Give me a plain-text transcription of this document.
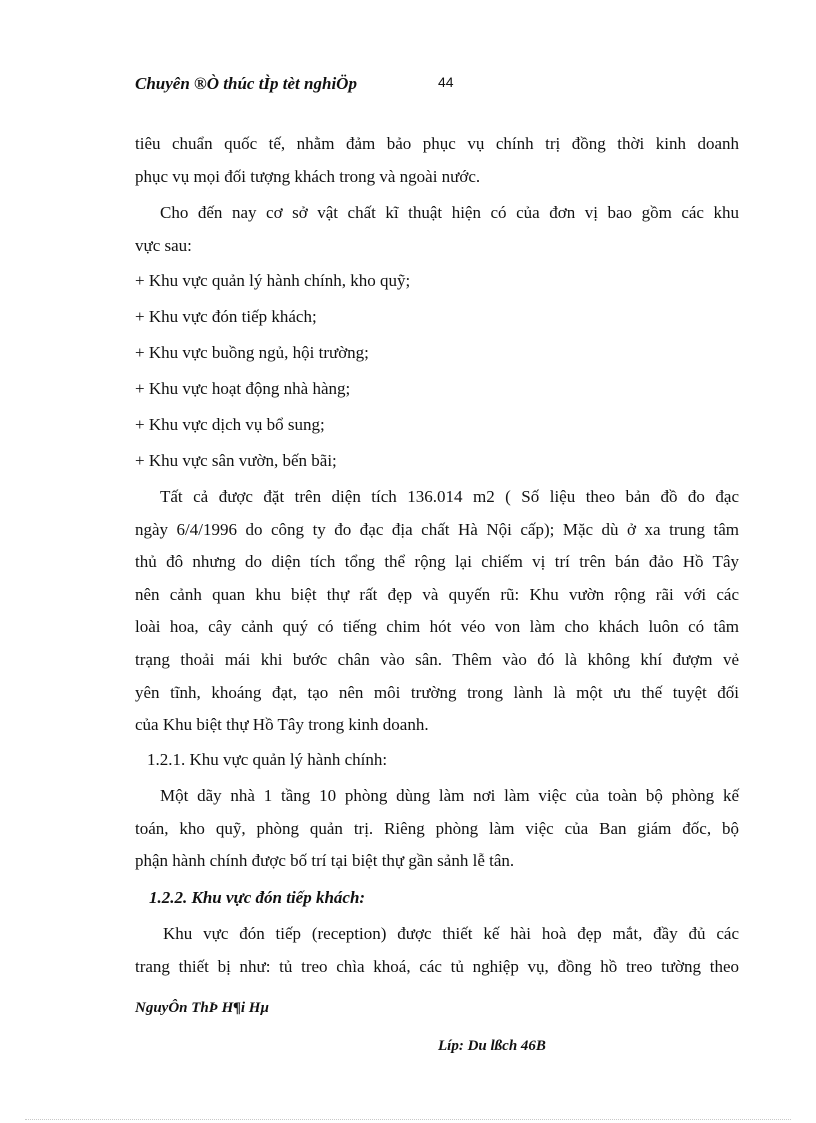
Chuyên ®Ò thúc tÌp tèt nghiÖp	44
tiêu chuẩn quốc tế, nhằm đảm bảo phục vụ chính trị đồng thời kinh doanh
phục vụ mọi đối tượng khách trong và ngoài nước.
Cho đến nay cơ sở vật chất kĩ thuật hiện có của đơn vị bao gồm các khu
vực sau:
+ Khu vực quản lý hành chính, kho quỹ;
+ Khu vực đón tiếp khách;
+ Khu vực buồng ngủ, hội trường;
+ Khu vực hoạt động nhà hàng;
+ Khu vực dịch vụ bổ sung;
+ Khu vực sân vườn, bến bãi;
Tất cả được đặt trên diện tích 136.014 m2 ( Số liệu theo bản đồ đo đạc
ngày 6/4/1996 do công ty đo đạc địa chất Hà Nội cấp); Mặc dù ở xa trung tâm
thủ đô nhưng do diện tích tổng thể rộng lại chiếm vị trí trên bán đảo Hồ Tây
nên cảnh quan khu biệt thự rất đẹp và quyến rũ: Khu vườn rộng rãi với các
loài hoa, cây cảnh quý có tiếng chim hót véo von làm cho khách luôn có tâm
trạng thoải mái khi bước chân vào sân. Thêm vào đó là không khí đượm vẻ
yên tĩnh, khoáng đạt, tạo nên môi trường trong lành là một ưu thế tuyệt đối
của Khu biệt thự Hồ Tây trong kinh doanh.
1.2.1. Khu vực quản lý hành chính:
Một dãy nhà 1 tầng 10 phòng dùng làm nơi làm việc của toàn bộ phòng kế
toán, kho quỹ, phòng quản trị. Riêng phòng làm việc của Ban giám đốc, bộ
phận hành chính được bố trí tại biệt thự gần sảnh lễ tân.
1.2.2. Khu vực đón tiếp khách:
Khu vực đón tiếp (reception) được thiết kế hài hoà đẹp mắt, đầy đủ các
trang thiết bị như: tủ treo chìa khoá, các tủ nghiệp vụ, đồng hồ treo tường theo
NguyÔn ThÞ H¶i Hµ
Líp: Du lßch 46B
